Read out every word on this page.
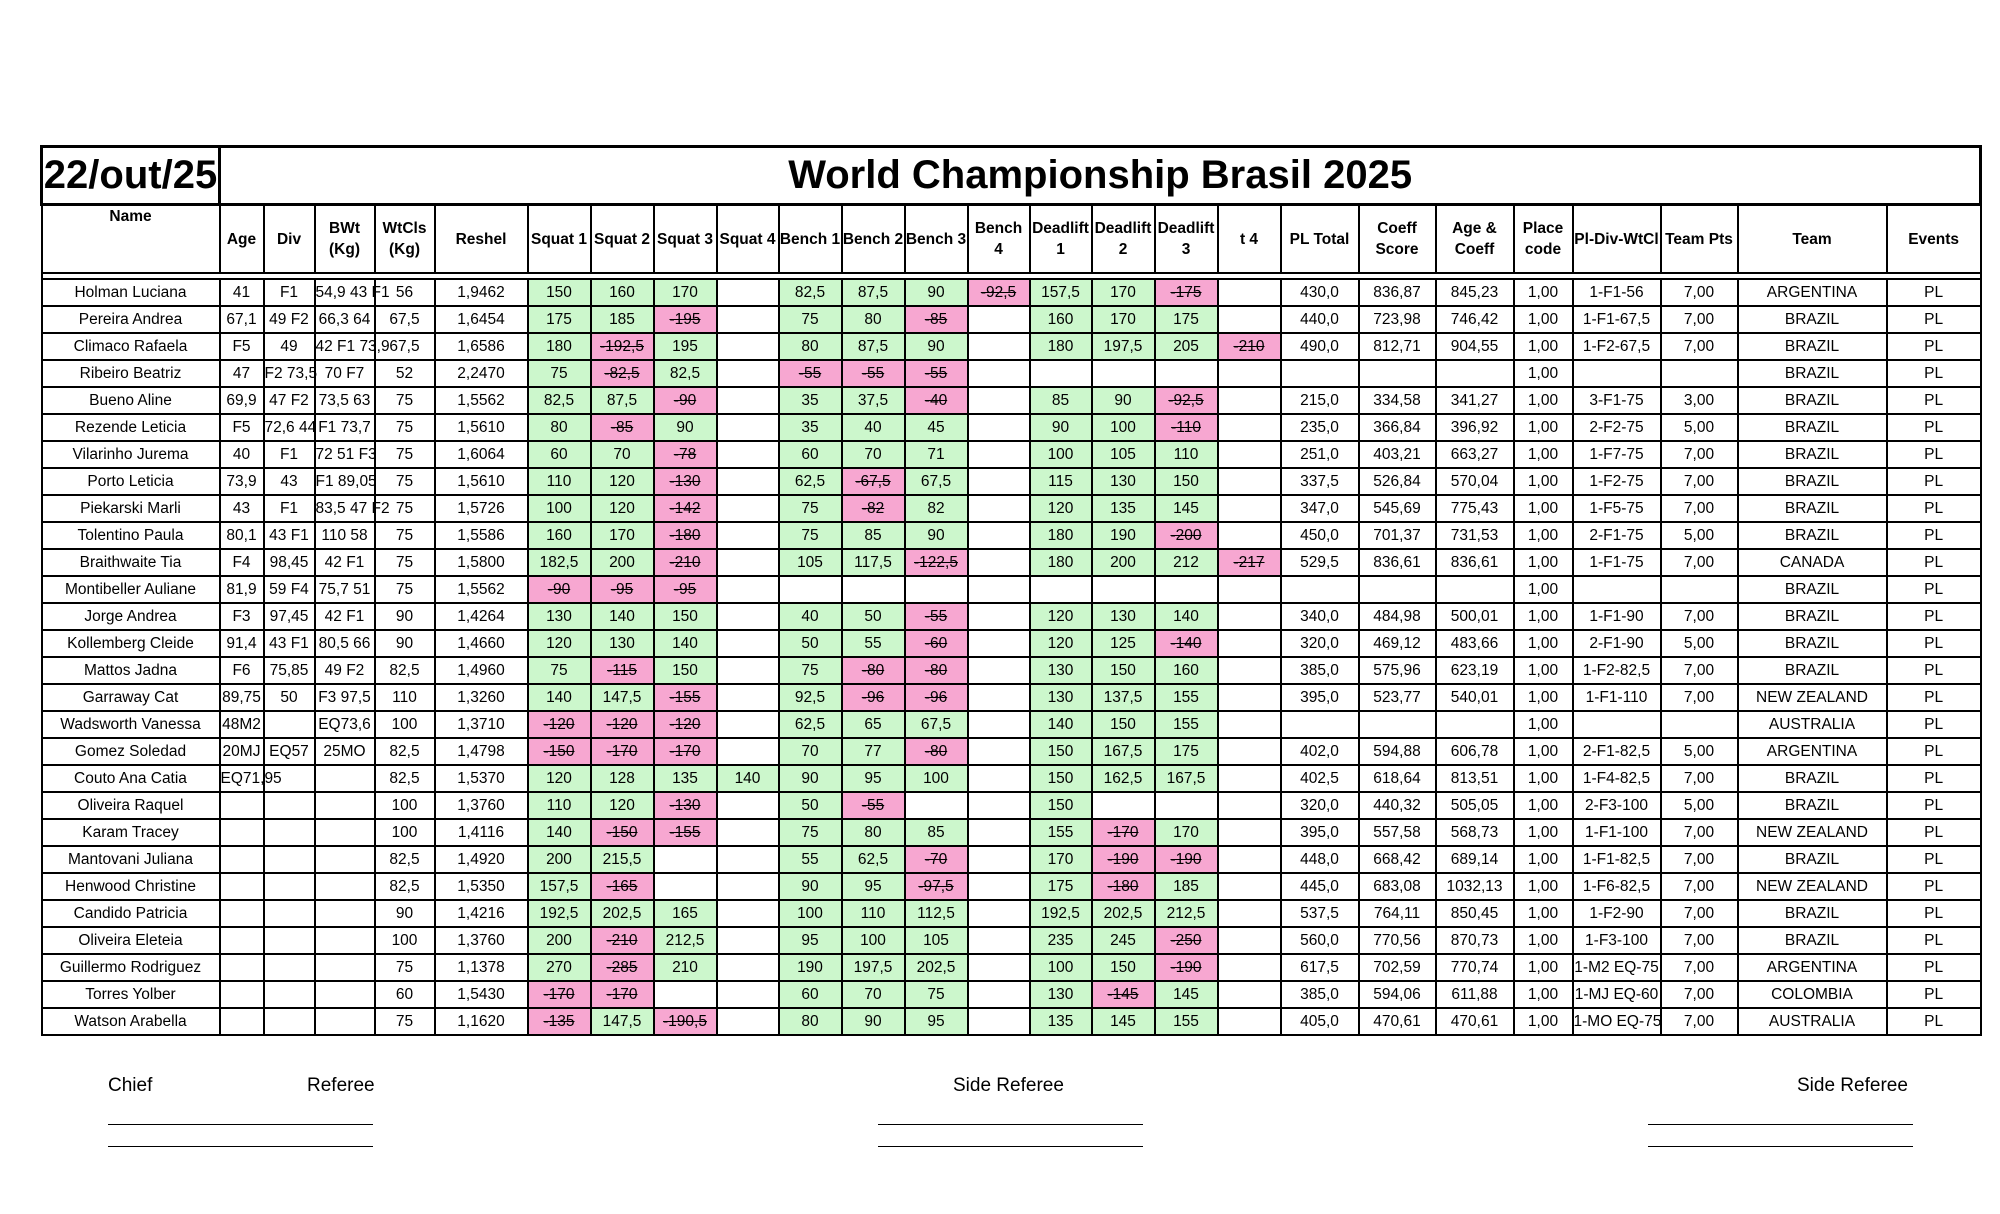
22/out/25	World Championship Brasil 2025																								
Name	Age	Div	BWt (Kg)	WtCls (Kg)	Reshel	Squat 1	Squat 2	Squat 3	Squat 4	Bench 1	Bench 2	Bench 3	Bench 4	Deadlift 1	Deadlift 2	Deadlift 3	t 4	PL Total	Coeff Score	Age & Coeff	Place code	Pl-Div-WtCl	Team Pts	Team	Events

Holman Luciana	41	F1	54,9 43 F1	56	1,9462	150	160	170		82,5	87,5	90	-92,5	157,5	170	-175		430,0	836,87	845,23	1,00	1-F1-56	7,00	ARGENTINA	PL
Pereira Andrea	67,1	49 F2	66,3 64	67,5	1,6454	175	185	-195		75	80	-85		160	170	175		440,0	723,98	746,42	1,00	1-F1-67,5	7,00	BRAZIL	PL
Climaco Rafaela	F5	49	42 F1 73,9	67,5	1,6586	180	-192,5	195		80	87,5	90		180	197,5	205	-210	490,0	812,71	904,55	1,00	1-F2-67,5	7,00	BRAZIL	PL
Ribeiro Beatriz	47	F2 73,5	70 F7	52	2,2470	75	-82,5	82,5		-55	-55	-55									1,00			BRAZIL	PL
Bueno Aline	69,9	47 F2	73,5 63	75	1,5562	82,5	87,5	-90		35	37,5	-40		85	90	-92,5		215,0	334,58	341,27	1,00	3-F1-75	3,00	BRAZIL	PL
Rezende Leticia	F5	72,6 44	F1 73,7	75	1,5610	80	-85	90		35	40	45		90	100	-110		235,0	366,84	396,92	1,00	2-F2-75	5,00	BRAZIL	PL
Vilarinho Jurema	40	F1	72 51 F3	75	1,6064	60	70	-78		60	70	71		100	105	110		251,0	403,21	663,27	1,00	1-F7-75	7,00	BRAZIL	PL
Porto Leticia	73,9	43	F1 89,05	75	1,5610	110	120	-130		62,5	-67,5	67,5		115	130	150		337,5	526,84	570,04	1,00	1-F2-75	7,00	BRAZIL	PL
Piekarski Marli	43	F1	83,5 47 F2	75	1,5726	100	120	-142		75	-82	82		120	135	145		347,0	545,69	775,43	1,00	1-F5-75	7,00	BRAZIL	PL
Tolentino Paula	80,1	43 F1	110 58	75	1,5586	160	170	-180		75	85	90		180	190	-200		450,0	701,37	731,53	1,00	2-F1-75	5,00	BRAZIL	PL
Braithwaite Tia	F4	98,45	42 F1	75	1,5800	182,5	200	-210		105	117,5	-122,5		180	200	212	-217	529,5	836,61	836,61	1,00	1-F1-75	7,00	CANADA	PL
Montibeller Auliane	81,9	59 F4	75,7 51	75	1,5562	-90	-95	-95													1,00			BRAZIL	PL
Jorge Andrea	F3	97,45	42 F1	90	1,4264	130	140	150		40	50	-55		120	130	140		340,0	484,98	500,01	1,00	1-F1-90	7,00	BRAZIL	PL
Kollemberg Cleide	91,4	43 F1	80,5 66	90	1,4660	120	130	140		50	55	-60		120	125	-140		320,0	469,12	483,66	1,00	2-F1-90	5,00	BRAZIL	PL
Mattos Jadna	F6	75,85	49 F2	82,5	1,4960	75	-115	150		75	-80	-80		130	150	160		385,0	575,96	623,19	1,00	1-F2-82,5	7,00	BRAZIL	PL
Garraway Cat	89,75	50	F3 97,5	110	1,3260	140	147,5	-155		92,5	-96	-96		130	137,5	155		395,0	523,77	540,01	1,00	1-F1-110	7,00	NEW ZEALAND	PL
Wadsworth Vanessa	48M2		EQ73,6	100	1,3710	-120	-120	-120		62,5	65	67,5		140	150	155					1,00			AUSTRALIA	PL
Gomez Soledad	20MJ	EQ57	25MO	82,5	1,4798	-150	-170	-170		70	77	-80		150	167,5	175		402,0	594,88	606,78	1,00	2-F1-82,5	5,00	ARGENTINA	PL
Couto Ana Catia	EQ71,95			82,5	1,5370	120	128	135	140	90	95	100		150	162,5	167,5		402,5	618,64	813,51	1,00	1-F4-82,5	7,00	BRAZIL	PL
Oliveira Raquel				100	1,3760	110	120	-130		50	-55			150				320,0	440,32	505,05	1,00	2-F3-100	5,00	BRAZIL	PL
Karam Tracey				100	1,4116	140	-150	-155		75	80	85		155	-170	170		395,0	557,58	568,73	1,00	1-F1-100	7,00	NEW ZEALAND	PL
Mantovani Juliana				82,5	1,4920	200	215,5			55	62,5	-70		170	-190	-190		448,0	668,42	689,14	1,00	1-F1-82,5	7,00	BRAZIL	PL
Henwood Christine				82,5	1,5350	157,5	-165			90	95	-97,5		175	-180	185		445,0	683,08	1032,13	1,00	1-F6-82,5	7,00	NEW ZEALAND	PL
Candido Patricia				90	1,4216	192,5	202,5	165		100	110	112,5		192,5	202,5	212,5		537,5	764,11	850,45	1,00	1-F2-90	7,00	BRAZIL	PL
Oliveira Eleteia				100	1,3760	200	-210	212,5		95	100	105		235	245	-250		560,0	770,56	870,73	1,00	1-F3-100	7,00	BRAZIL	PL
Guillermo Rodriguez				75	1,1378	270	-285	210		190	197,5	202,5		100	150	-190		617,5	702,59	770,74	1,00	1-M2 EQ-75	7,00	ARGENTINA	PL
Torres Yolber				60	1,5430	-170	-170			60	70	75		130	-145	145		385,0	594,06	611,88	1,00	1-MJ EQ-60	7,00	COLOMBIA	PL
Watson Arabella				75	1,1620	-135	147,5	-190,5		80	90	95		135	145	155		405,0	470,61	470,61	1,00	1-MO EQ-75	7,00	AUSTRALIA	PL
Chief	Referee	Side Referee	Side Referee
